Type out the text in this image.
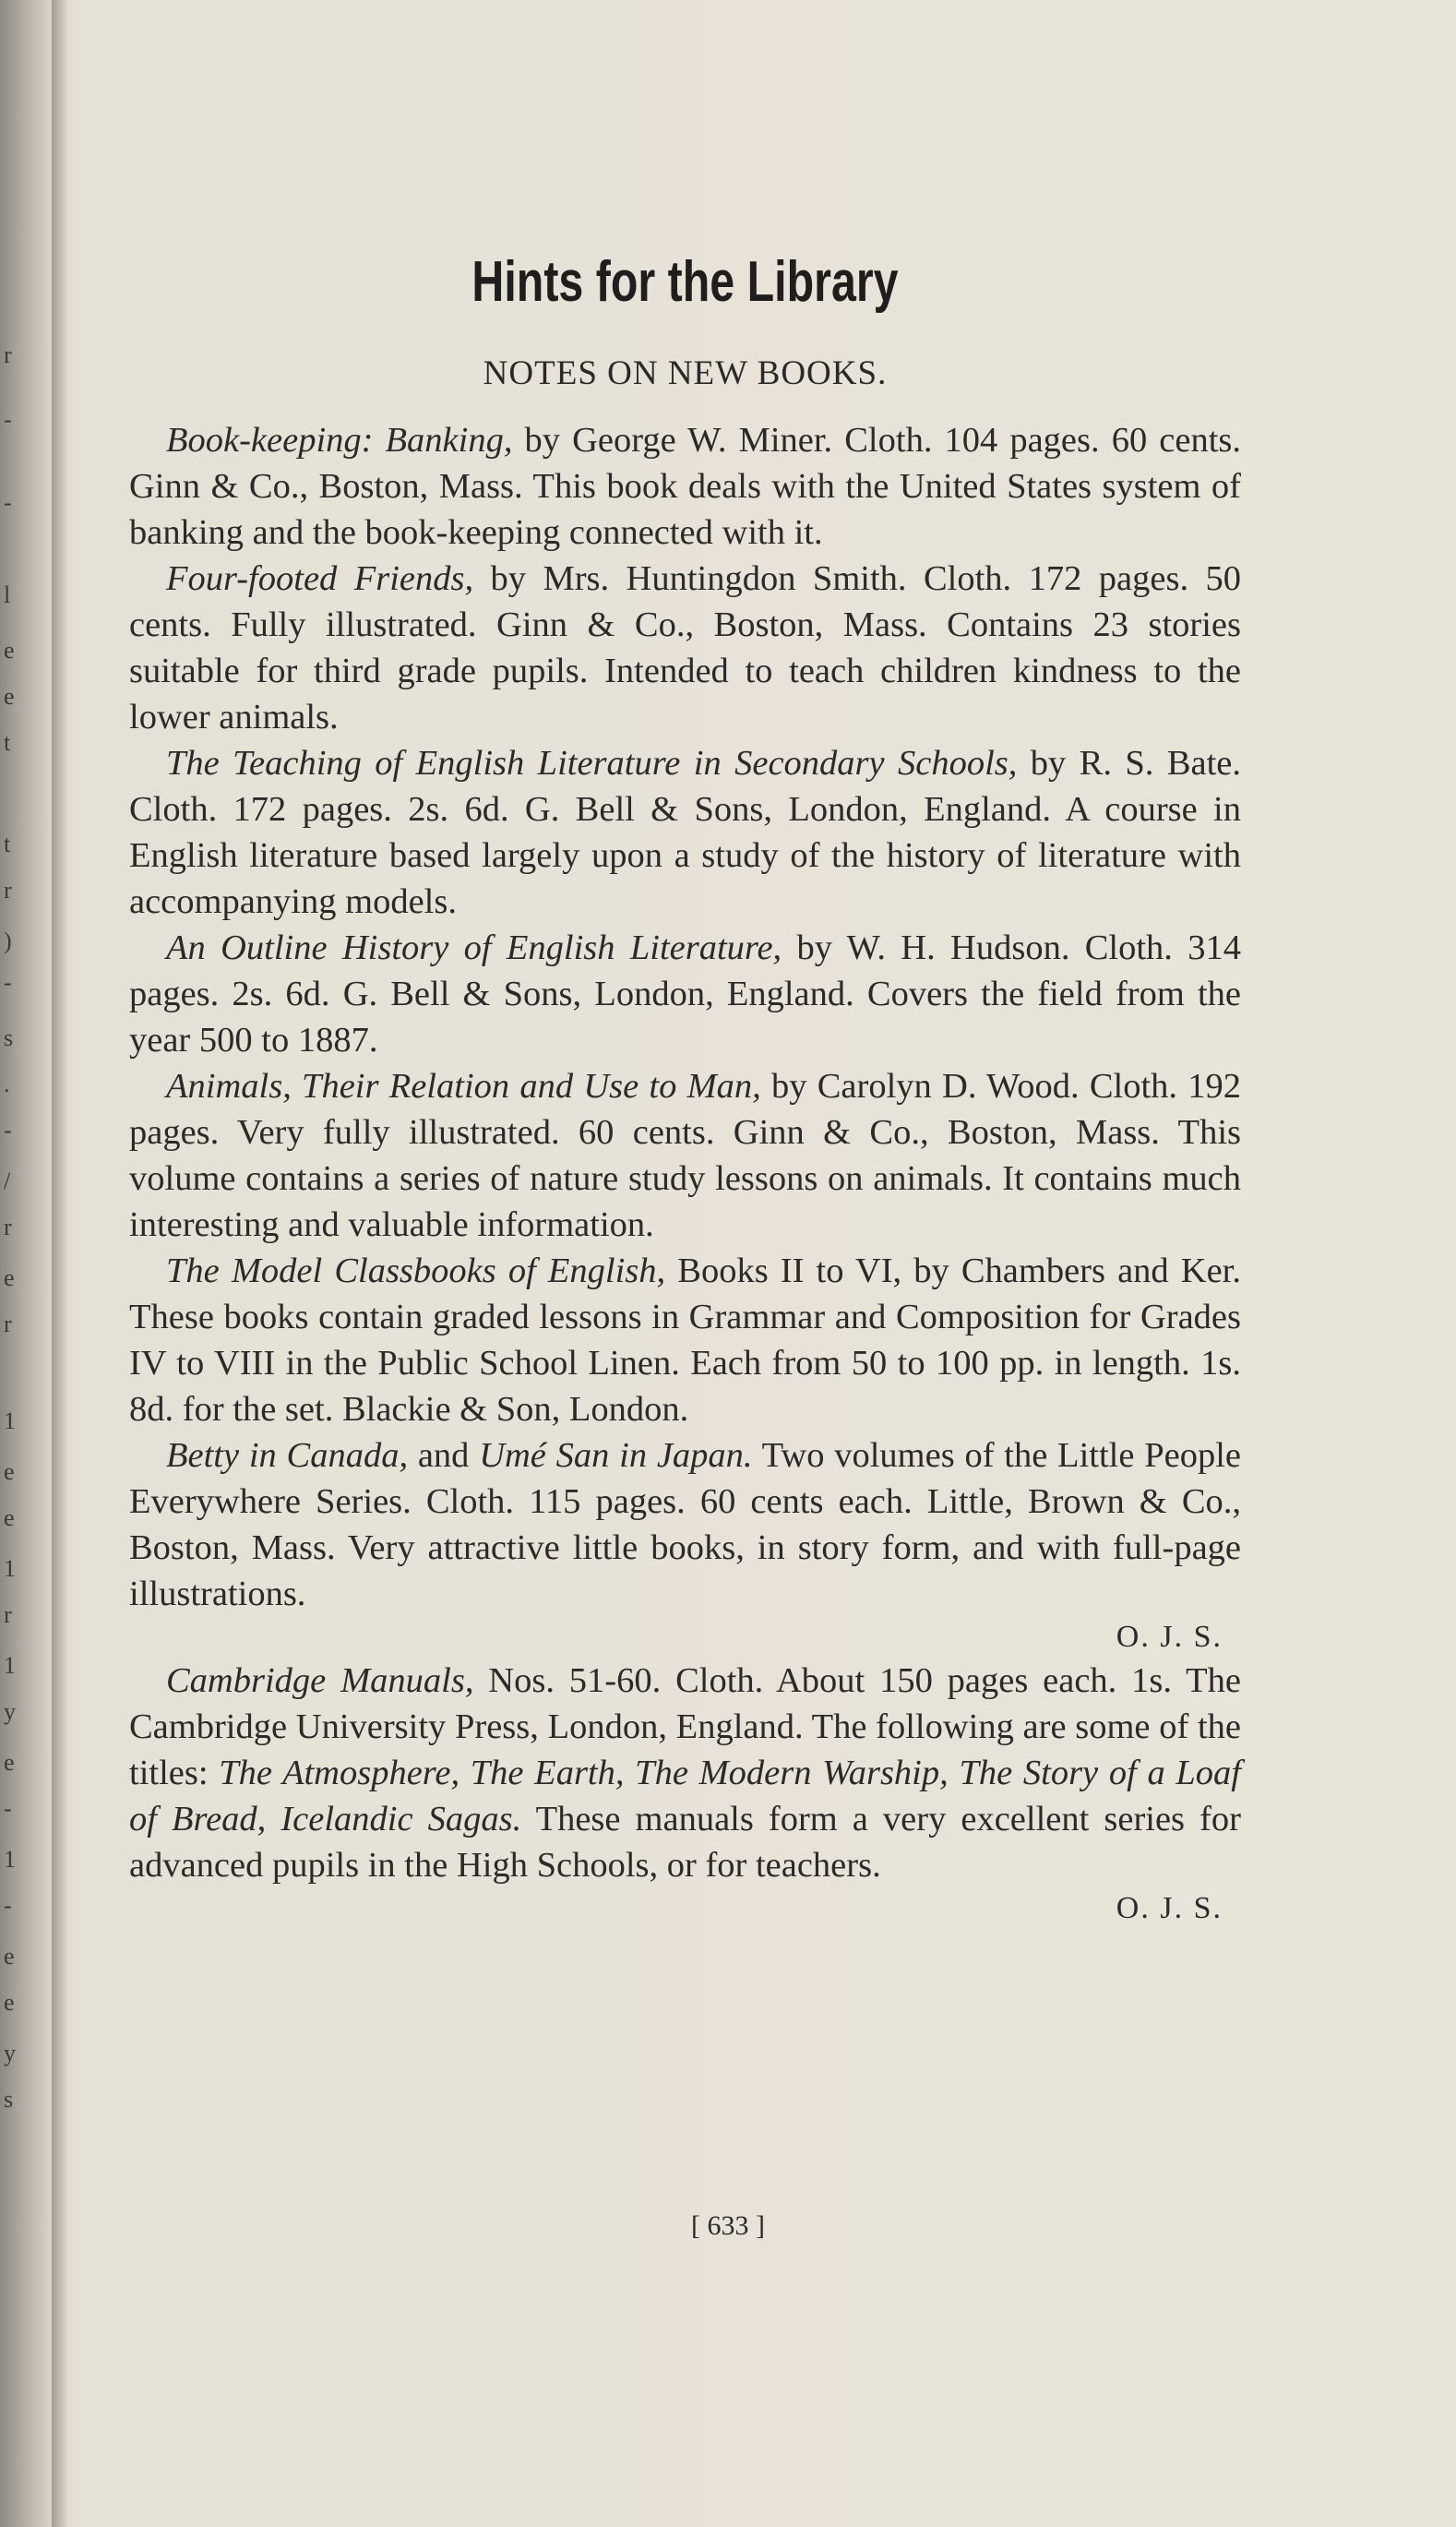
r
-
-
l
e
e
t
t
r
)
-
s
.
-
/
r
e
r
1
e
e
1
r
1
y
e
-
1
-
e
e
y
s
Hints for the Library
NOTES ON NEW BOOKS.

Book-keeping: Banking, by George W. Miner. Cloth. 104 pages. 60 cents. Ginn & Co., Boston, Mass. This book deals with the United States system of banking and the book-keeping connected with it.

Four-footed Friends, by Mrs. Huntingdon Smith. Cloth. 172 pages. 50 cents. Fully illustrated. Ginn & Co., Boston, Mass. Contains 23 stories suitable for third grade pupils. Intended to teach children kindness to the lower animals.

The Teaching of English Literature in Secondary Schools, by R. S. Bate. Cloth. 172 pages. 2s. 6d. G. Bell & Sons, London, England. A course in English literature based largely upon a study of the history of literature with accompanying models.

An Outline History of English Literature, by W. H. Hudson. Cloth. 314 pages. 2s. 6d. G. Bell & Sons, London, England. Covers the field from the year 500 to 1887.

Animals, Their Relation and Use to Man, by Carolyn D. Wood. Cloth. 192 pages. Very fully illustrated. 60 cents. Ginn & Co., Boston, Mass. This volume contains a series of nature study lessons on animals. It contains much interesting and valuable information.

The Model Classbooks of English, Books II to VI, by Chambers and Ker. These books contain graded lessons in Grammar and Composition for Grades IV to VIII in the Public School Linen. Each from 50 to 100 pp. in length. 1s. 8d. for the set. Blackie & Son, London.

Betty in Canada, and Umé San in Japan. Two volumes of the Little People Everywhere Series. Cloth. 115 pages. 60 cents each. Little, Brown & Co., Boston, Mass. Very attractive little books, in story form, and with full-page illustrations.

O. J. S.

Cambridge Manuals, Nos. 51-60. Cloth. About 150 pages each. 1s. The Cambridge University Press, London, England. The following are some of the titles: The Atmosphere, The Earth, The Modern Warship, The Story of a Loaf of Bread, Icelandic Sagas. These manuals form a very excellent series for advanced pupils in the High Schools, or for teachers.

O. J. S.

[ 633 ]
